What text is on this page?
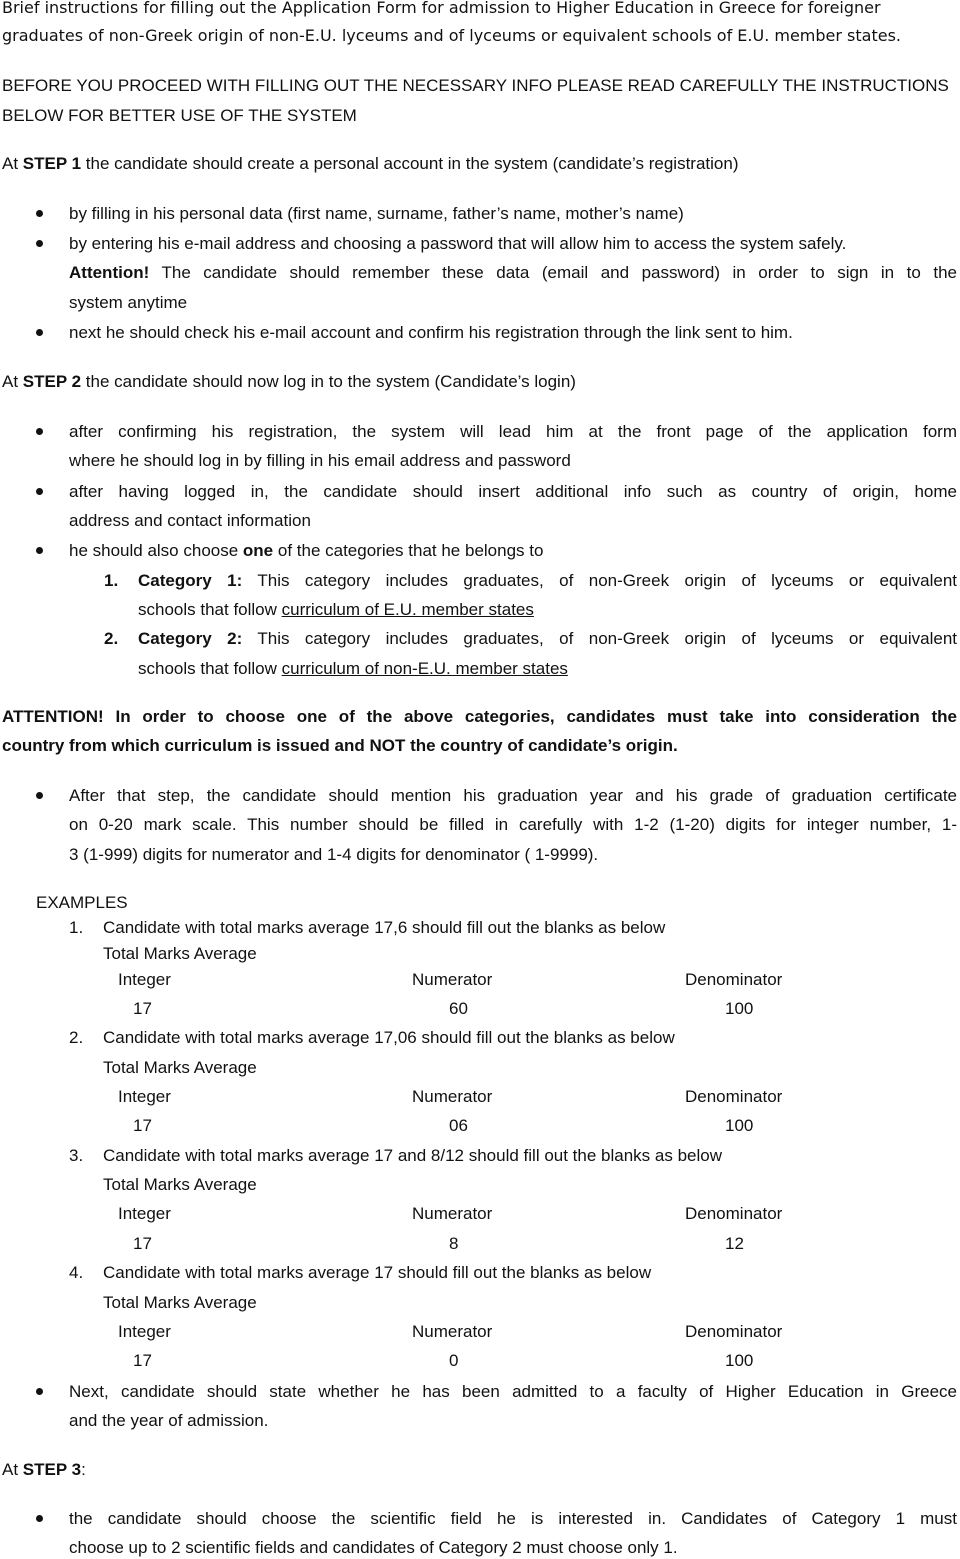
Brief instructions for filling out the Application Form for admission to Higher Education in Greece for foreigner
graduates of non-Greek origin of non-E.U. lyceums and of lyceums or equivalent schools of E.U. member states.
BEFORE YOU PROCEED WITH FILLING OUT THE NECESSARY INFO PLEASE READ CAREFULLY THE INSTRUCTIONS
BELOW FOR BETTER USE OF THE SYSTEM
At STEP 1 the candidate should create a personal account in the system (candidate’s registration)
by filling in his personal data (first name, surname, father’s name, mother’s name)
by entering his e-mail address and choosing a password that will allow him to access the system safely.
Attention! The candidate should remember these data (email and password) in order to sign in to the
system anytime
next he should check his e-mail account and confirm his registration through the link sent to him.
At STEP 2 the candidate should now log in to the system (Candidate’s login)
after confirming his registration, the system will lead him at the front page of the application form
where he should log in by filling in his email address and password
after having logged in, the candidate should insert additional info such as country of origin, home
address and contact information
he should also choose one of the categories that he belongs to
1. Category 1: This category includes graduates, of non-Greek origin of lyceums or equivalent
schools that follow curriculum of E.U. member states
2. Category 2: This category includes graduates, of non-Greek origin of lyceums or equivalent
schools that follow curriculum of non-E.U. member states
ATTENTION! In order to choose one of the above categories, candidates must take into consideration the
country from which curriculum is issued and NOT the country of candidate’s origin.
After that step, the candidate should mention his graduation year and his grade of graduation certificate
on 0-20 mark scale. This number should be filled in carefully with 1-2 (1-20) digits for integer number, 1-
3 (1-999) digits for numerator and 1-4 digits for denominator ( 1-9999).
EXAMPLES
1. Candidate with total marks average 17,6 should fill out the blanks as below
Total Marks Average
Integer	Numerator	Denominator
17	60	100
2. Candidate with total marks average 17,06 should fill out the blanks as below
Total Marks Average
Integer	Numerator	Denominator
17	06	100
3. Candidate with total marks average 17 and 8/12 should fill out the blanks as below
Total Marks Average
Integer	Numerator	Denominator
17	8	12
4. Candidate with total marks average 17 should fill out the blanks as below
Total Marks Average
Integer	Numerator	Denominator
17	0	100
Next, candidate should state whether he has been admitted to a faculty of Higher Education in Greece
and the year of admission.
At STEP 3:
the candidate should choose the scientific field he is interested in. Candidates of Category 1 must
choose up to 2 scientific fields and candidates of Category 2 must choose only 1.
